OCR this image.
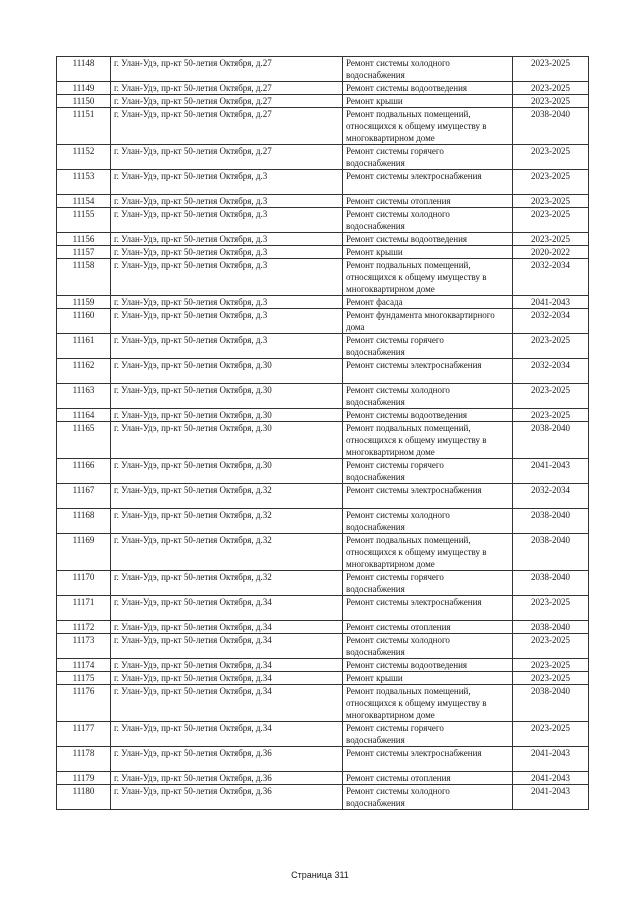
11148	г. Улан-Удэ, пр-кт 50-летия Октября, д.27	Ремонт системы холодного
водоснабжения	2023-2025
11149	г. Улан-Удэ, пр-кт 50-летия Октября, д.27	Ремонт системы водоотведения	2023-2025
11150	г. Улан-Удэ, пр-кт 50-летия Октября, д.27	Ремонт крыши	2023-2025
11151	г. Улан-Удэ, пр-кт 50-летия Октября, д.27	Ремонт подвальных помещений,
относящихся к общему имуществу в
многоквартирном доме	2038-2040
11152	г. Улан-Удэ, пр-кт 50-летия Октября, д.27	Ремонт системы горячего
водоснабжения	2023-2025
11153	г. Улан-Удэ, пр-кт 50-летия Октября, д.3	Ремонт системы электроснабжения	2023-2025
11154	г. Улан-Удэ, пр-кт 50-летия Октября, д.3	Ремонт системы отопления	2023-2025
11155	г. Улан-Удэ, пр-кт 50-летия Октября, д.3	Ремонт системы холодного
водоснабжения	2023-2025
11156	г. Улан-Удэ, пр-кт 50-летия Октября, д.3	Ремонт системы водоотведения	2023-2025
11157	г. Улан-Удэ, пр-кт 50-летия Октября, д.3	Ремонт крыши	2020-2022
11158	г. Улан-Удэ, пр-кт 50-летия Октября, д.3	Ремонт подвальных помещений,
относящихся к общему имуществу в
многоквартирном доме	2032-2034
11159	г. Улан-Удэ, пр-кт 50-летия Октября, д.3	Ремонт фасада	2041-2043
11160	г. Улан-Удэ, пр-кт 50-летия Октября, д.3	Ремонт фундамента многоквартирного
дома	2032-2034
11161	г. Улан-Удэ, пр-кт 50-летия Октября, д.3	Ремонт системы горячего
водоснабжения	2023-2025
11162	г. Улан-Удэ, пр-кт 50-летия Октября, д.30	Ремонт системы электроснабжения	2032-2034
11163	г. Улан-Удэ, пр-кт 50-летия Октября, д.30	Ремонт системы холодного
водоснабжения	2023-2025
11164	г. Улан-Удэ, пр-кт 50-летия Октября, д.30	Ремонт системы водоотведения	2023-2025
11165	г. Улан-Удэ, пр-кт 50-летия Октября, д.30	Ремонт подвальных помещений,
относящихся к общему имуществу в
многоквартирном доме	2038-2040
11166	г. Улан-Удэ, пр-кт 50-летия Октября, д.30	Ремонт системы горячего
водоснабжения	2041-2043
11167	г. Улан-Удэ, пр-кт 50-летия Октября, д.32	Ремонт системы электроснабжения	2032-2034
11168	г. Улан-Удэ, пр-кт 50-летия Октября, д.32	Ремонт системы холодного
водоснабжения	2038-2040
11169	г. Улан-Удэ, пр-кт 50-летия Октября, д.32	Ремонт подвальных помещений,
относящихся к общему имуществу в
многоквартирном доме	2038-2040
11170	г. Улан-Удэ, пр-кт 50-летия Октября, д.32	Ремонт системы горячего
водоснабжения	2038-2040
11171	г. Улан-Удэ, пр-кт 50-летия Октября, д.34	Ремонт системы электроснабжения	2023-2025
11172	г. Улан-Удэ, пр-кт 50-летия Октября, д.34	Ремонт системы отопления	2038-2040
11173	г. Улан-Удэ, пр-кт 50-летия Октября, д.34	Ремонт системы холодного
водоснабжения	2023-2025
11174	г. Улан-Удэ, пр-кт 50-летия Октября, д.34	Ремонт системы водоотведения	2023-2025
11175	г. Улан-Удэ, пр-кт 50-летия Октября, д.34	Ремонт крыши	2023-2025
11176	г. Улан-Удэ, пр-кт 50-летия Октября, д.34	Ремонт подвальных помещений,
относящихся к общему имуществу в
многоквартирном доме	2038-2040
11177	г. Улан-Удэ, пр-кт 50-летия Октября, д.34	Ремонт системы горячего
водоснабжения	2023-2025
11178	г. Улан-Удэ, пр-кт 50-летия Октября, д.36	Ремонт системы электроснабжения	2041-2043
11179	г. Улан-Удэ, пр-кт 50-летия Октября, д.36	Ремонт системы отопления	2041-2043
11180	г. Улан-Удэ, пр-кт 50-летия Октября, д.36	Ремонт системы холодного
водоснабжения	2041-2043
Страница 311
